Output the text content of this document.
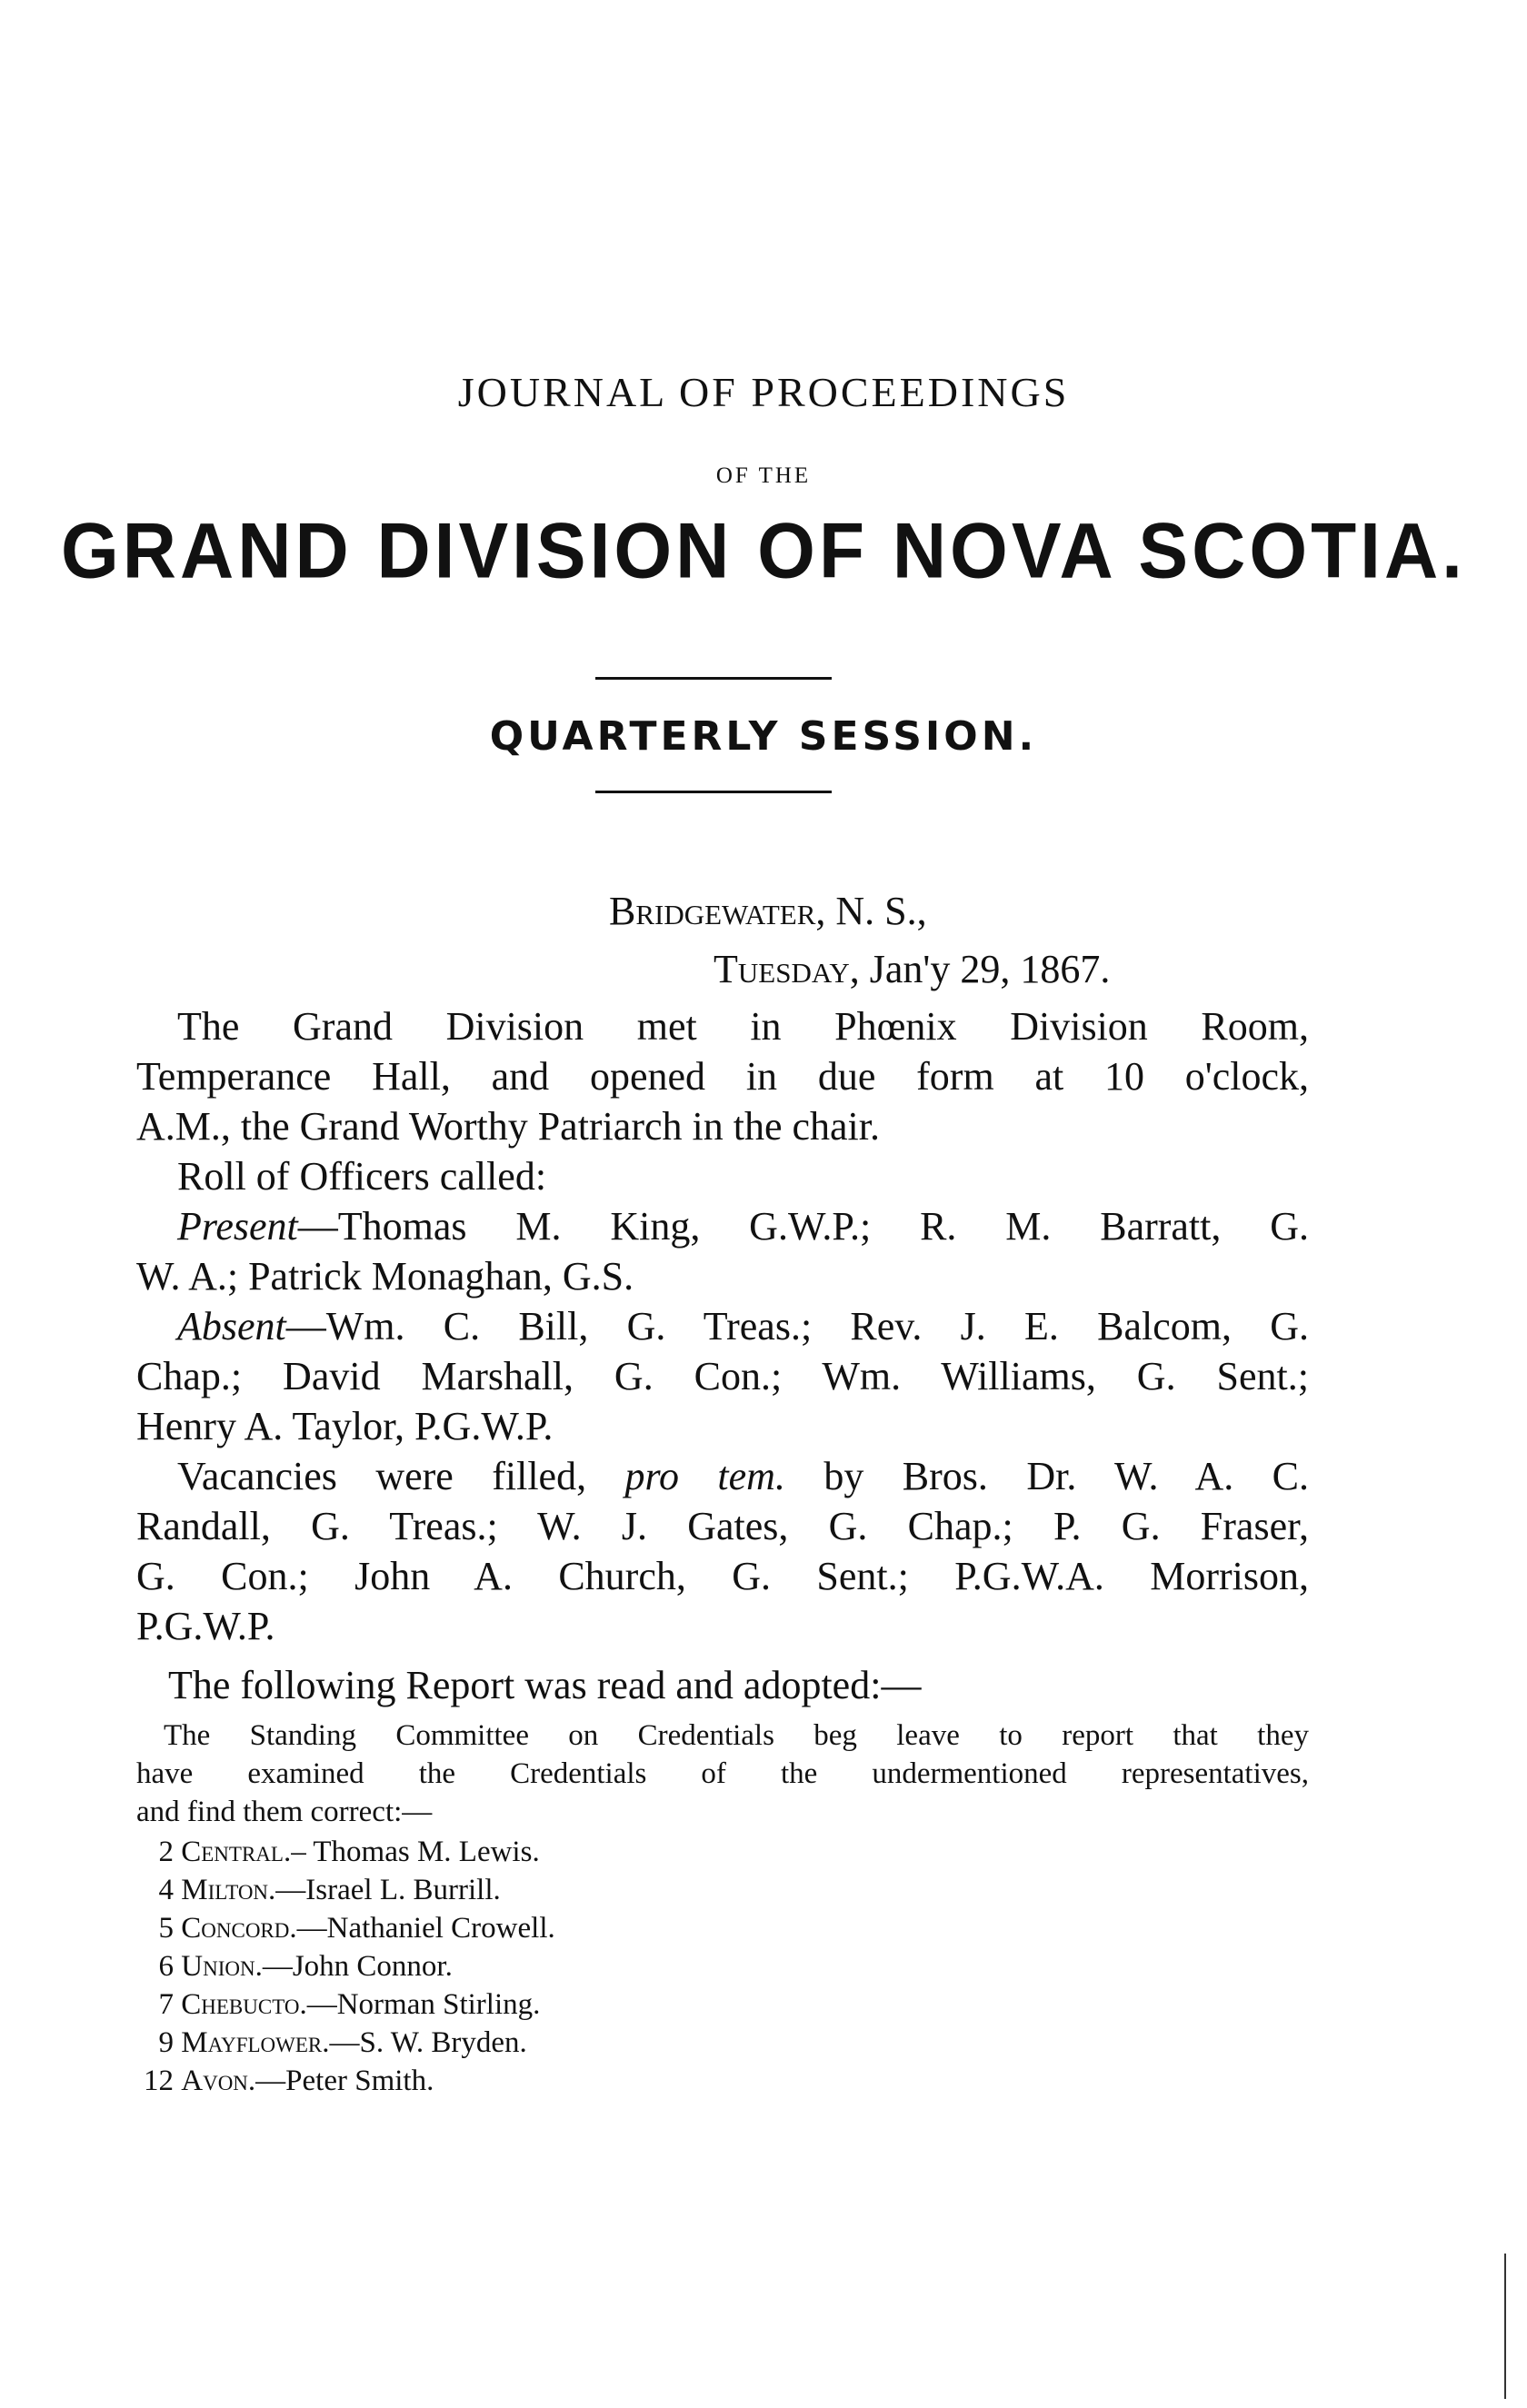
JOURNAL OF PROCEEDINGS
OF THE
GRAND DIVISION OF NOVA SCOTIA.
QUARTERLY SESSION.
Bridgewater, N. S.,
Tuesday, Jan'y 29, 1867.
The Grand Division met in Phœnix Division Room,
Temperance Hall, and opened in due form at 10 o'clock,
A.M., the Grand Worthy Patriarch in the chair.
Roll of Officers called:
Present—Thomas M. King, G.W.P.; R. M. Barratt, G.
W. A.; Patrick Monaghan, G.S.
Absent—Wm. C. Bill, G. Treas.; Rev. J. E. Balcom, G.
Chap.; David Marshall, G. Con.; Wm. Williams, G. Sent.;
Henry A. Taylor, P.G.W.P.
Vacancies were filled, pro tem. by Bros. Dr. W. A. C.
Randall, G. Treas.; W. J. Gates, G. Chap.; P. G. Fraser,
G. Con.; John A. Church, G. Sent.; P.G.W.A. Morrison,
P.G.W.P.
The following Report was read and adopted:—
The Standing Committee on Credentials beg leave to report that they
have examined the Credentials of the undermentioned representatives,
and find them correct:—
2 Central.– Thomas M. Lewis.
4 Milton.—Israel L. Burrill.
5 Concord.—Nathaniel Crowell.
6 Union.—John Connor.
7 Chebucto.—Norman Stirling.
9 Mayflower.—S. W. Bryden.
12 Avon.—Peter Smith.
